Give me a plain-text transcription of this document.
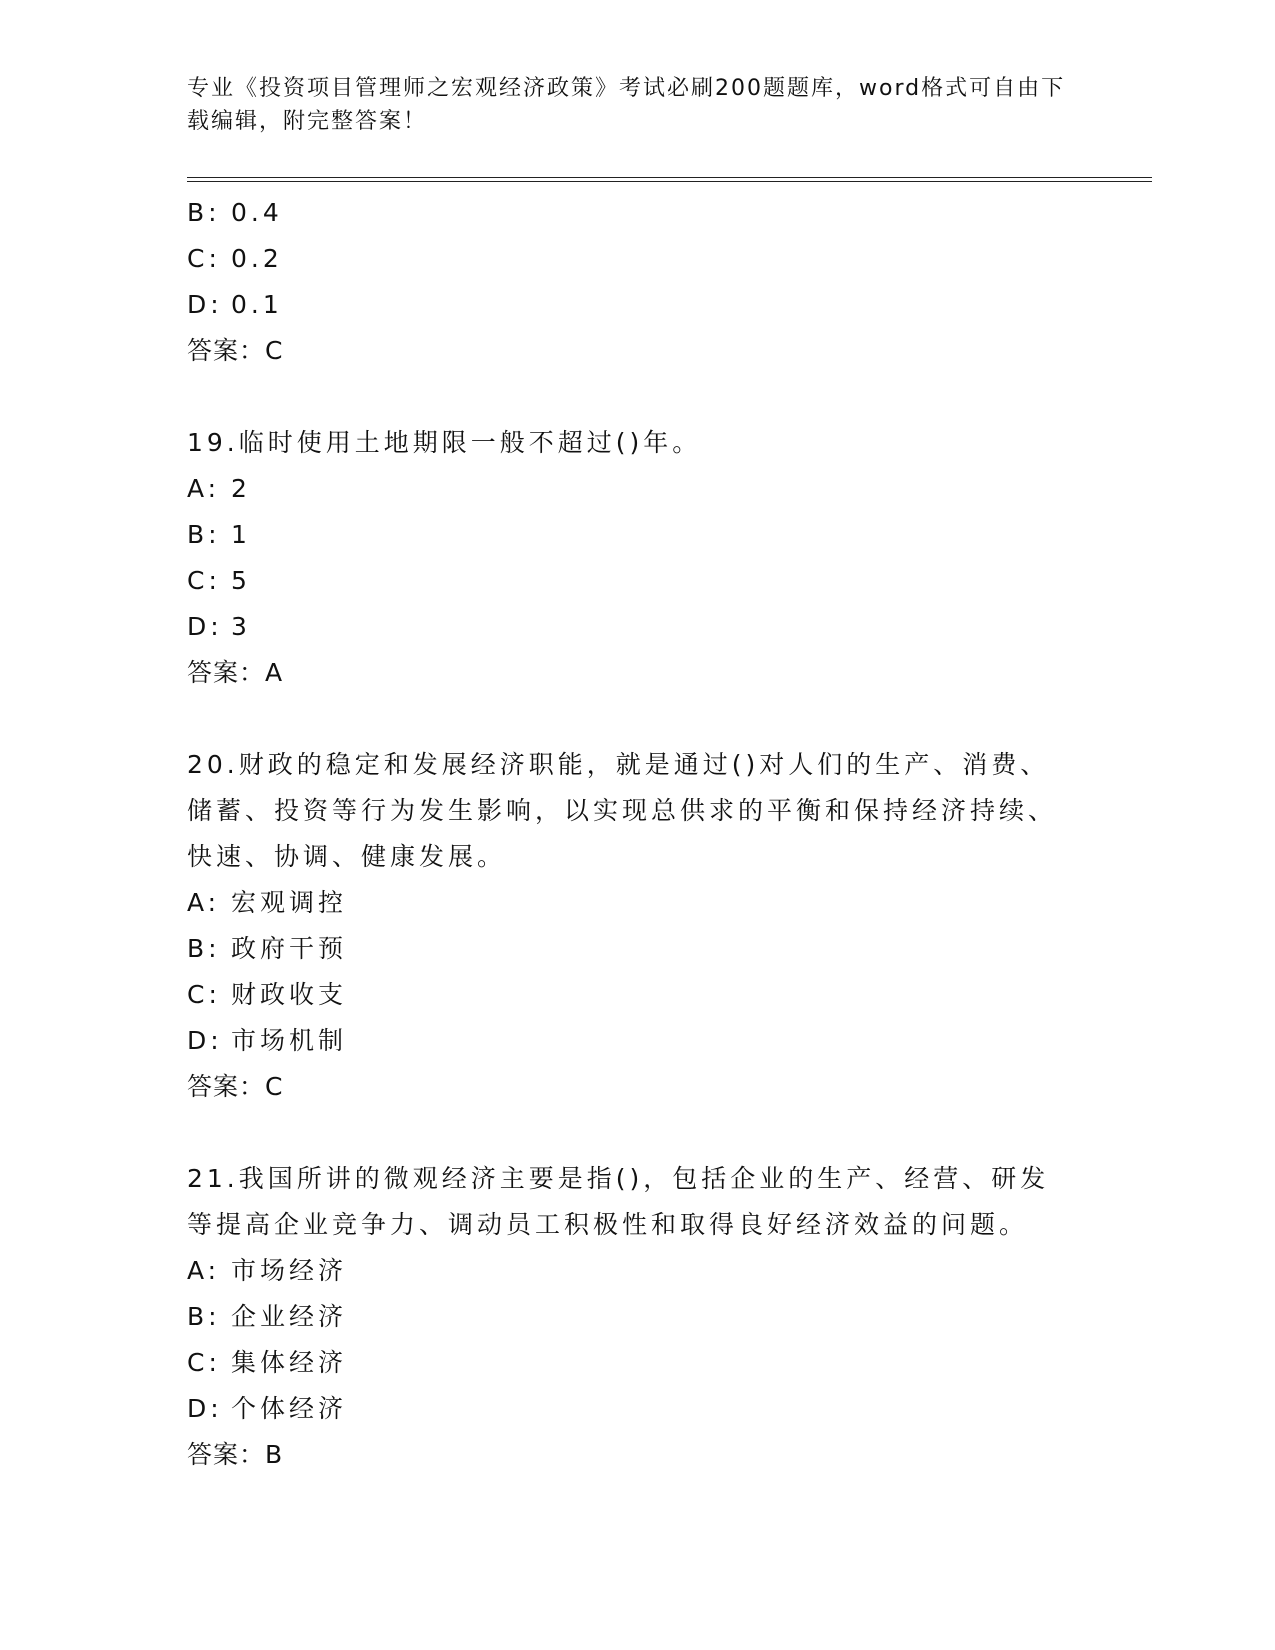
专业《投资项目管理师之宏观经济政策》考试必刷200题题库，word格式可自由下载编辑，附完整答案！
B: 0.4
C: 0.2
D: 0.1
答案：C
19.临时使用土地期限一般不超过()年。
A: 2
B: 1
C: 5
D: 3
答案：A
20.财政的稳定和发展经济职能，就是通过()对人们的生产、消费、储蓄、投资等行为发生影响，以实现总供求的平衡和保持经济持续、快速、协调、健康发展。
A: 宏观调控
B: 政府干预
C: 财政收支
D: 市场机制
答案：C
21.我国所讲的微观经济主要是指()，包括企业的生产、经营、研发等提高企业竞争力、调动员工积极性和取得良好经济效益的问题。
A: 市场经济
B: 企业经济
C: 集体经济
D: 个体经济
答案：B
